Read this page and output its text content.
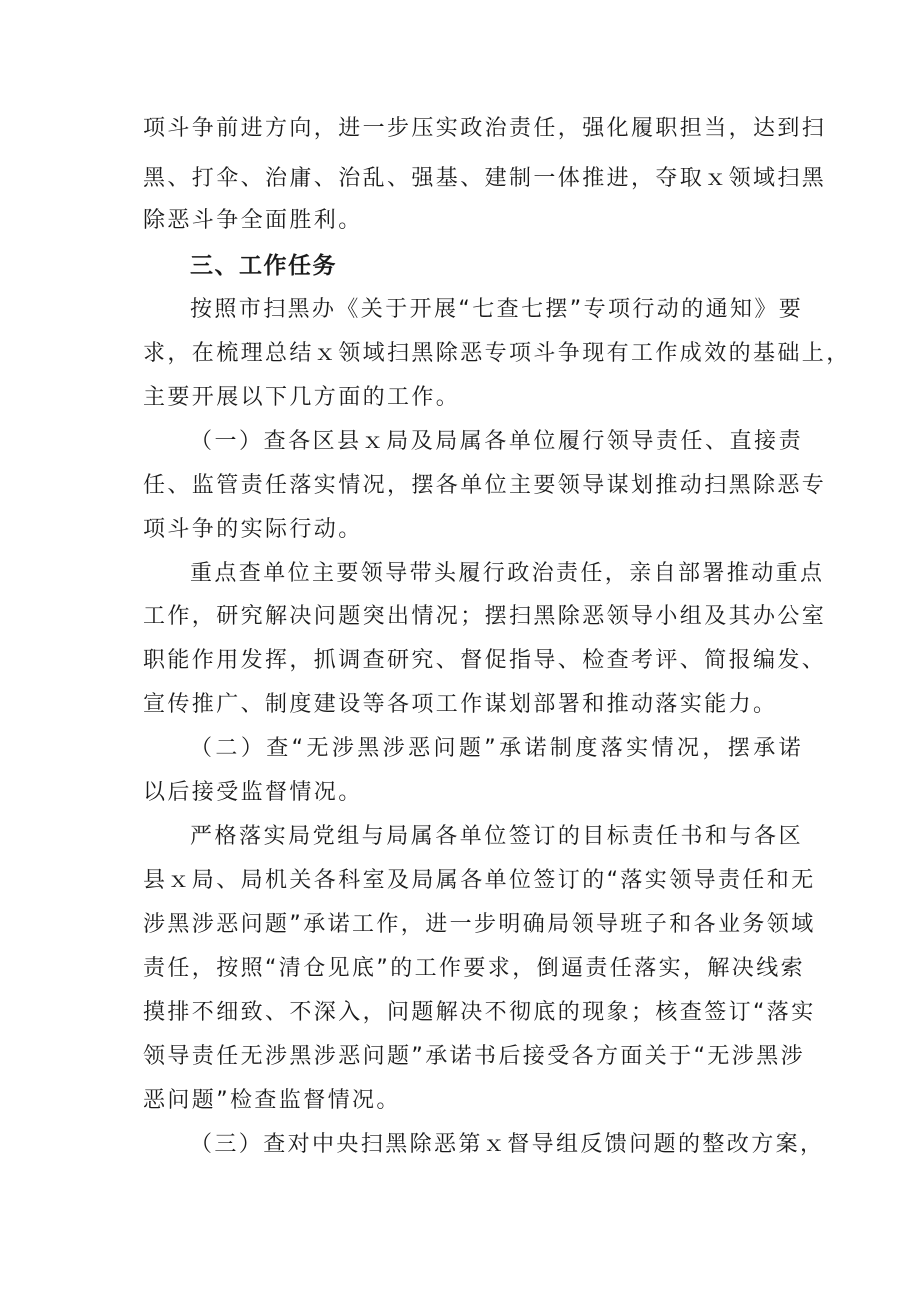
项斗争前进方向，进一步压实政治责任，强化履职担当，达到扫
黑、打伞、治庸、治乱、强基、建制一体推进，夺取ｘ领域扫黑
除恶斗争全面胜利。
三、工作任务
按照市扫黑办《关于开展“七查七摆”专项行动的通知》要
求，在梳理总结ｘ领域扫黑除恶专项斗争现有工作成效的基础上，
主要开展以下几方面的工作。
（一）查各区县ｘ局及局属各单位履行领导责任、直接责
任、监管责任落实情况，摆各单位主要领导谋划推动扫黑除恶专
项斗争的实际行动。
重点查单位主要领导带头履行政治责任，亲自部署推动重点
工作，研究解决问题突出情况；摆扫黑除恶领导小组及其办公室
职能作用发挥，抓调查研究、督促指导、检查考评、简报编发、
宣传推广、制度建设等各项工作谋划部署和推动落实能力。
（二）查“无涉黑涉恶问题”承诺制度落实情况，摆承诺
以后接受监督情况。
严格落实局党组与局属各单位签订的目标责任书和与各区
县ｘ局、局机关各科室及局属各单位签订的“落实领导责任和无
涉黑涉恶问题”承诺工作，进一步明确局领导班子和各业务领域
责任，按照“清仓见底”的工作要求，倒逼责任落实，解决线索
摸排不细致、不深入，问题解决不彻底的现象；核查签订“落实
领导责任无涉黑涉恶问题”承诺书后接受各方面关于“无涉黑涉
恶问题”检查监督情况。
（三）查对中央扫黑除恶第ｘ督导组反馈问题的整改方案，
